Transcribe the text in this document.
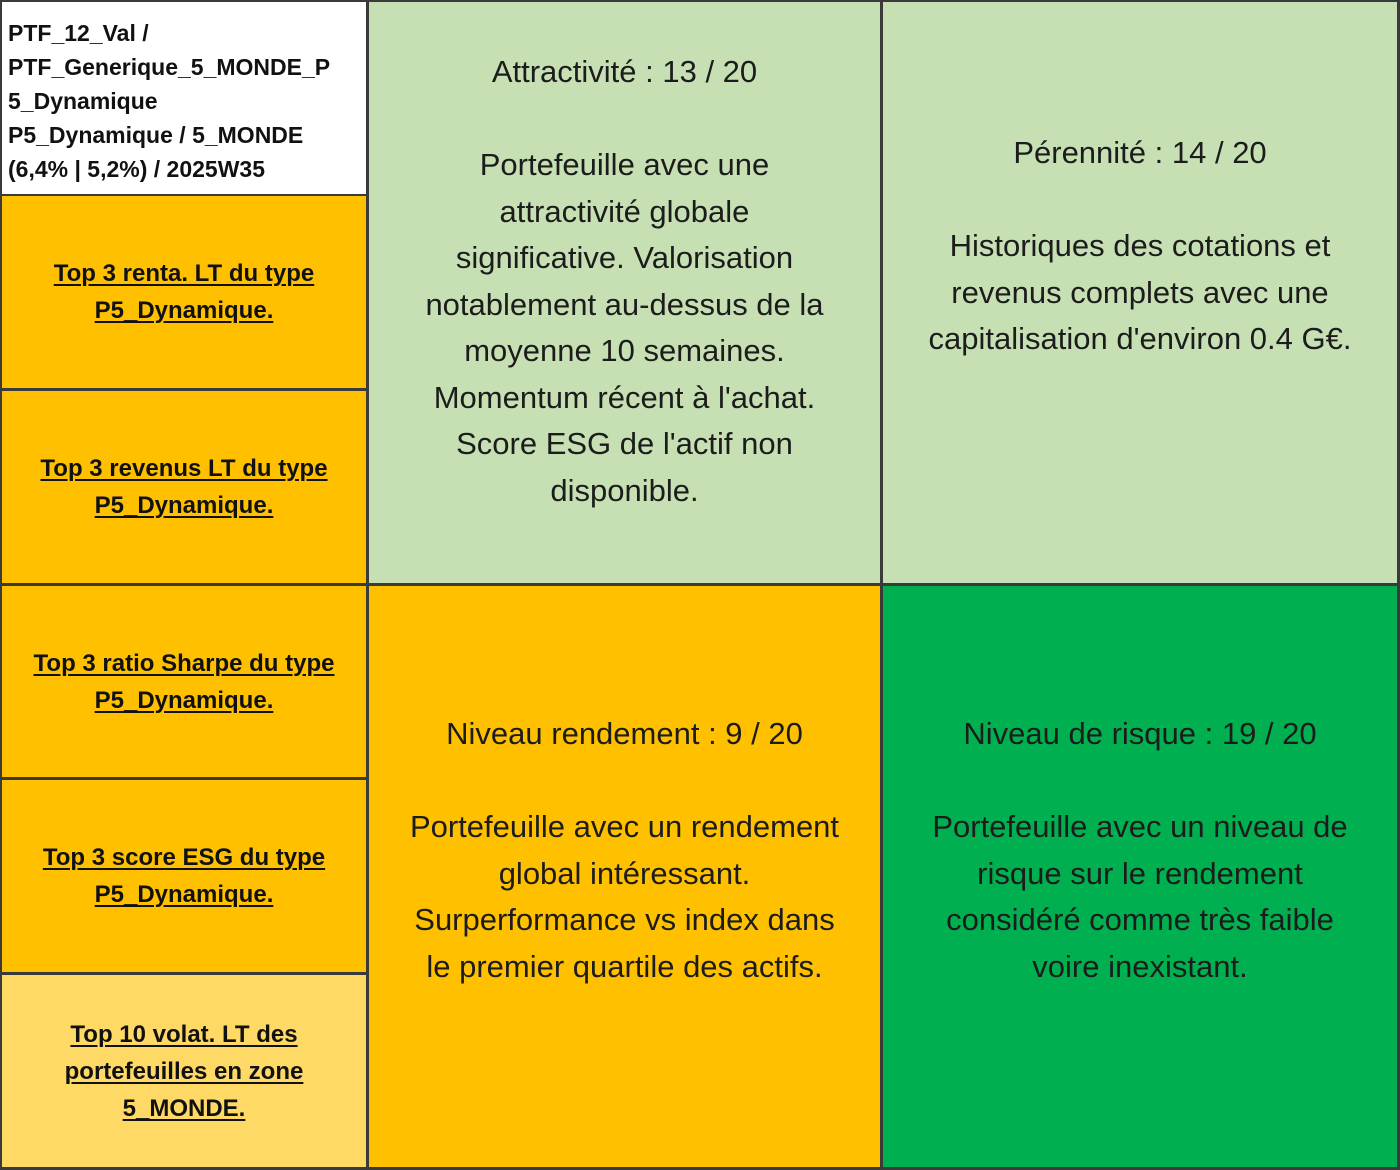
PTF_12_Val /
PTF_Generique_5_MONDE_P
5_Dynamique
P5_Dynamique / 5_MONDE
(6,4% | 5,2%) / 2025W35
Top 3 renta. LT du type
P5_Dynamique.
Top 3 revenus LT du type
P5_Dynamique.
Top 3 ratio Sharpe du type
P5_Dynamique.
Top 3 score ESG du type
P5_Dynamique.
Top 10 volat. LT des
portefeuilles en zone
5_MONDE.
Attractivité : 13 / 20
Portefeuille avec une
attractivité globale
significative. Valorisation
notablement au-dessus de la
moyenne 10 semaines.
Momentum récent à l'achat.
Score ESG de l'actif non
disponible.
Pérennité : 14 / 20
Historiques des cotations et
revenus complets avec une
capitalisation d'environ 0.4 G€.
Niveau rendement : 9 / 20
Portefeuille avec un rendement
global intéressant.
Surperformance vs index dans
le premier quartile des actifs.
Niveau de risque : 19 / 20
Portefeuille avec un niveau de
risque sur le rendement
considéré comme très faible
voire inexistant.
